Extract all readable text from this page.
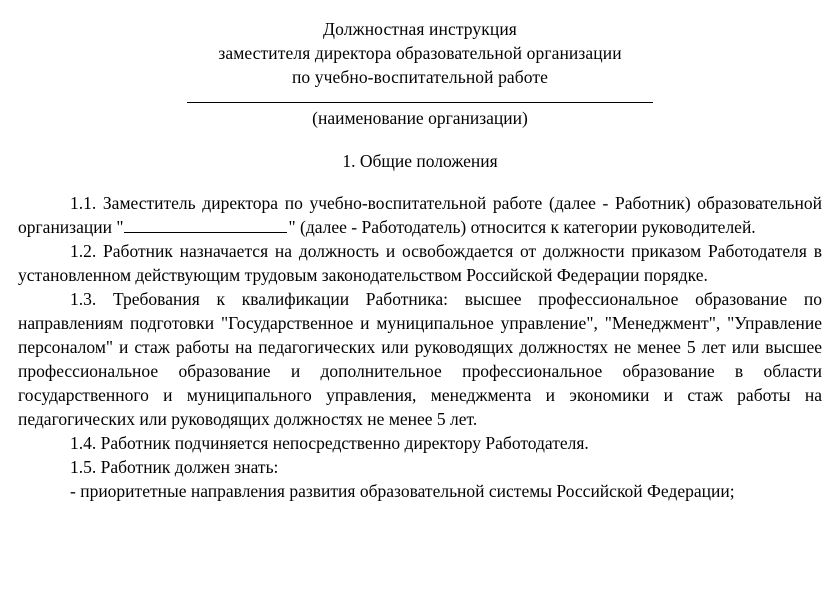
Должностная инструкция
заместителя директора образовательной организации
по учебно-воспитательной работе
(наименование организации)
1. Общие положения

1.1. Заместитель директора по учебно-воспитательной работе (далее - Работник) образовательной организации "	" (далее - Работодатель) относится к категории руководителей.

1.2. Работник назначается на должность и освобождается от должности приказом Работодателя в установленном действующим трудовым законодательством Российской Федерации порядке.

1.3. Требования к квалификации Работника: высшее профессиональное образование по направлениям подготовки "Государственное и муниципальное управление", "Менеджмент", "Управление персоналом" и стаж работы на педагогических или руководящих должностях не менее 5 лет или высшее профессиональное образование и дополнительное профессиональное образование в области государственного и муниципального управления, менеджмента и экономики и стаж работы на педагогических или руководящих должностях не менее 5 лет.

1.4. Работник подчиняется непосредственно директору Работодателя.

1.5. Работник должен знать:

- приоритетные направления развития образовательной системы Российской Федерации;
